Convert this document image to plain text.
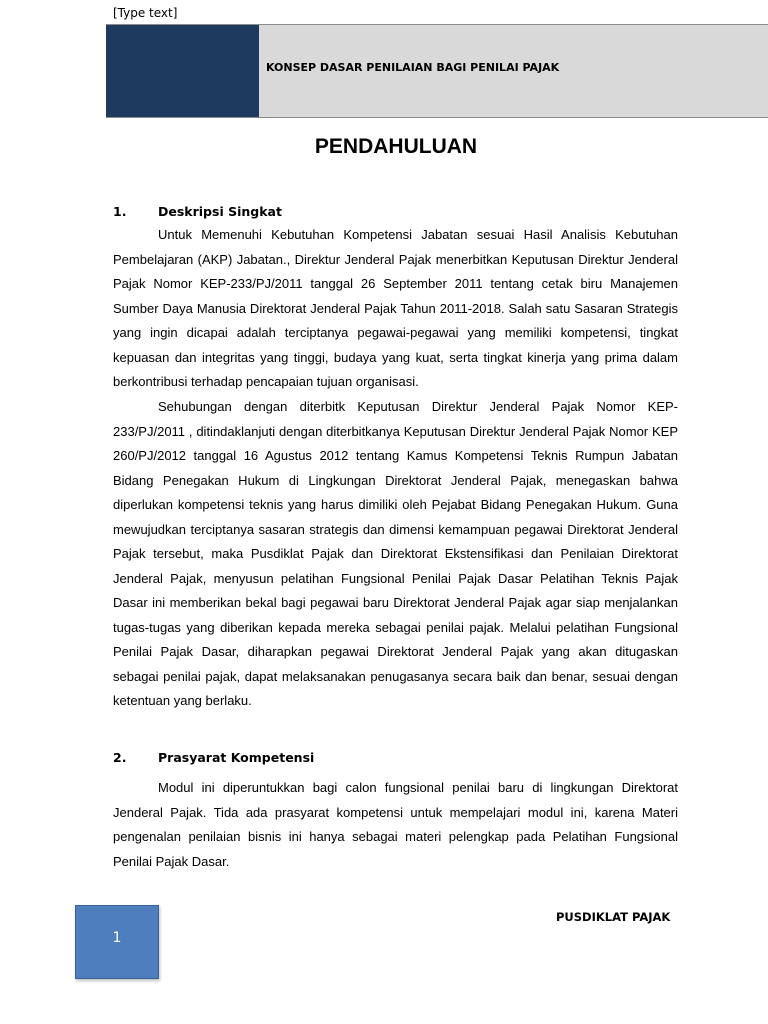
[Type text]
KONSEP DASAR PENILAIAN BAGI PENILAI PAJAK
PENDAHULUAN
1.	Deskripsi Singkat

Untuk Memenuhi Kebutuhan Kompetensi Jabatan sesuai Hasil Analisis Kebutuhan Pembelajaran (AKP) Jabatan., Direktur Jenderal Pajak menerbitkan Keputusan Direktur Jenderal Pajak Nomor KEP-233/PJ/2011 tanggal 26 September 2011 tentang cetak biru Manajemen Sumber Daya Manusia Direktorat Jenderal Pajak Tahun 2011-2018. Salah satu Sasaran Strategis yang ingin dicapai adalah terciptanya pegawai-pegawai yang memiliki kompetensi, tingkat kepuasan dan integritas yang tinggi, budaya yang kuat, serta tingkat kinerja yang prima dalam berkontribusi terhadap pencapaian tujuan organisasi.

Sehubungan dengan diterbitk Keputusan Direktur Jenderal Pajak Nomor KEP-233/PJ/2011 , ditindaklanjuti dengan diterbitkanya Keputusan Direktur Jenderal Pajak Nomor KEP 260/PJ/2012 tanggal 16 Agustus 2012 tentang Kamus Kompetensi Teknis Rumpun Jabatan Bidang Penegakan Hukum di Lingkungan Direktorat Jenderal Pajak, menegaskan bahwa diperlukan kompetensi teknis yang harus dimiliki oleh Pejabat Bidang Penegakan Hukum. Guna mewujudkan terciptanya sasaran strategis dan dimensi kemampuan pegawai Direktorat Jenderal Pajak tersebut, maka Pusdiklat Pajak dan Direktorat Ekstensifikasi dan Penilaian Direktorat Jenderal Pajak, menyusun pelatihan Fungsional Penilai Pajak Dasar Pelatihan Teknis Pajak Dasar ini memberikan bekal bagi pegawai baru Direktorat Jenderal Pajak agar siap menjalankan tugas-tugas yang diberikan kepada mereka sebagai penilai pajak. Melalui pelatihan Fungsional Penilai Pajak Dasar, diharapkan pegawai Direktorat Jenderal Pajak yang akan ditugaskan sebagai penilai pajak, dapat melaksanakan penugasanya secara baik dan benar, sesuai dengan ketentuan yang berlaku.

2.	Prasyarat Kompetensi

Modul ini diperuntukkan bagi calon fungsional penilai baru di lingkungan Direktorat Jenderal Pajak. Tida ada prasyarat kompetensi untuk mempelajari modul ini, karena Materi pengenalan penilaian bisnis ini hanya sebagai materi pelengkap pada Pelatihan Fungsional Penilai Pajak Dasar.

1
PUSDIKLAT PAJAK
